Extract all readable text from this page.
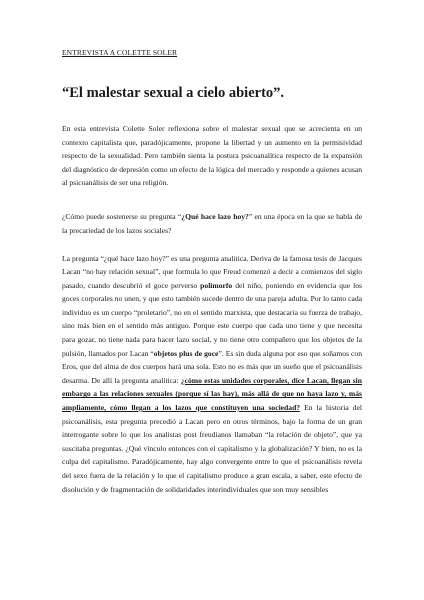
ENTREVISTA A COLETTE SOLER
“El malestar sexual a cielo abierto”.

En esta entrevista Colette Soler reflexiona sobre el malestar sexual que se acrecienta en un contexto capitalista que, paradójicamente, propone la libertad y un aumento en la permisividad respecto de la sexualidad. Pero también sienta la postura psicoanalítica respecto de la expansión del diagnóstico de depresión como un efecto de la lógica del mercado y responde a quienes acusan al psicoanálisis de ser una religión.

¿Cómo puede sostenerse su pregunta “¿Qué hace lazo hoy?” en una época en la que se habla de la precariedad de los lazos sociales?

La pregunta “¿qué hace lazo hoy?” es una pregunta analítica. Deriva de la famosa tesis de Jacques Lacan “no hay relación sexual”, que formula lo que Freud comenzó a decir a comienzos del siglo pasado, cuando descubrió el goce perverso polimorfo del niño, poniendo en evidencia que los goces corporales no unen, y que esto también sucede dentro de una pareja adulta. Por lo tanto cada individuo es un cuerpo “proletario”, no en el sentido marxista, que destacaría su fuerza de trabajo, sino más bien en el sentido más antiguo. Porque este cuerpo que cada uno tiene y que necesita para gozar, no tiene nada para hacer lazo social, y no tiene otro compañero que los objetos de la pulsión, llamados por Lacan “objetos plus de goce”. Es sin duda alguna por eso que soñamos con Eros, que del alma de dos cuerpos hará una sola. Esto no es más que un sueño que el psicoanálisis desarma. De allí la pregunta analítica: ¿cómo estas unidades corporales, dice Lacan, llegan sin embargo a las relaciones sexuales (porque sí las hay), más allá de que no haya lazo y, más ampliamente, cómo llegan a los lazos que constituyen una sociedad? En la historia del psicoanálisis, esta pregunta precedió a Lacan pero en otros términos, bajo la forma de un gran interrogante sobre lo que los analistas post freudianos llamaban “la relación de objeto”, que ya suscitaba preguntas. ¿Qué vínculo entonces con el capitalismo y la globalización? Y bien, no es la culpa del capitalismo. Paradójicamente, hay algo convergente entre lo que el psicoanálisis revela del sexo fuera de la relación y lo que el capitalismo produce a gran escala, a saber, este efecto de disolución y de fragmentación de solidaridades interindividuales que son muy sensibles
